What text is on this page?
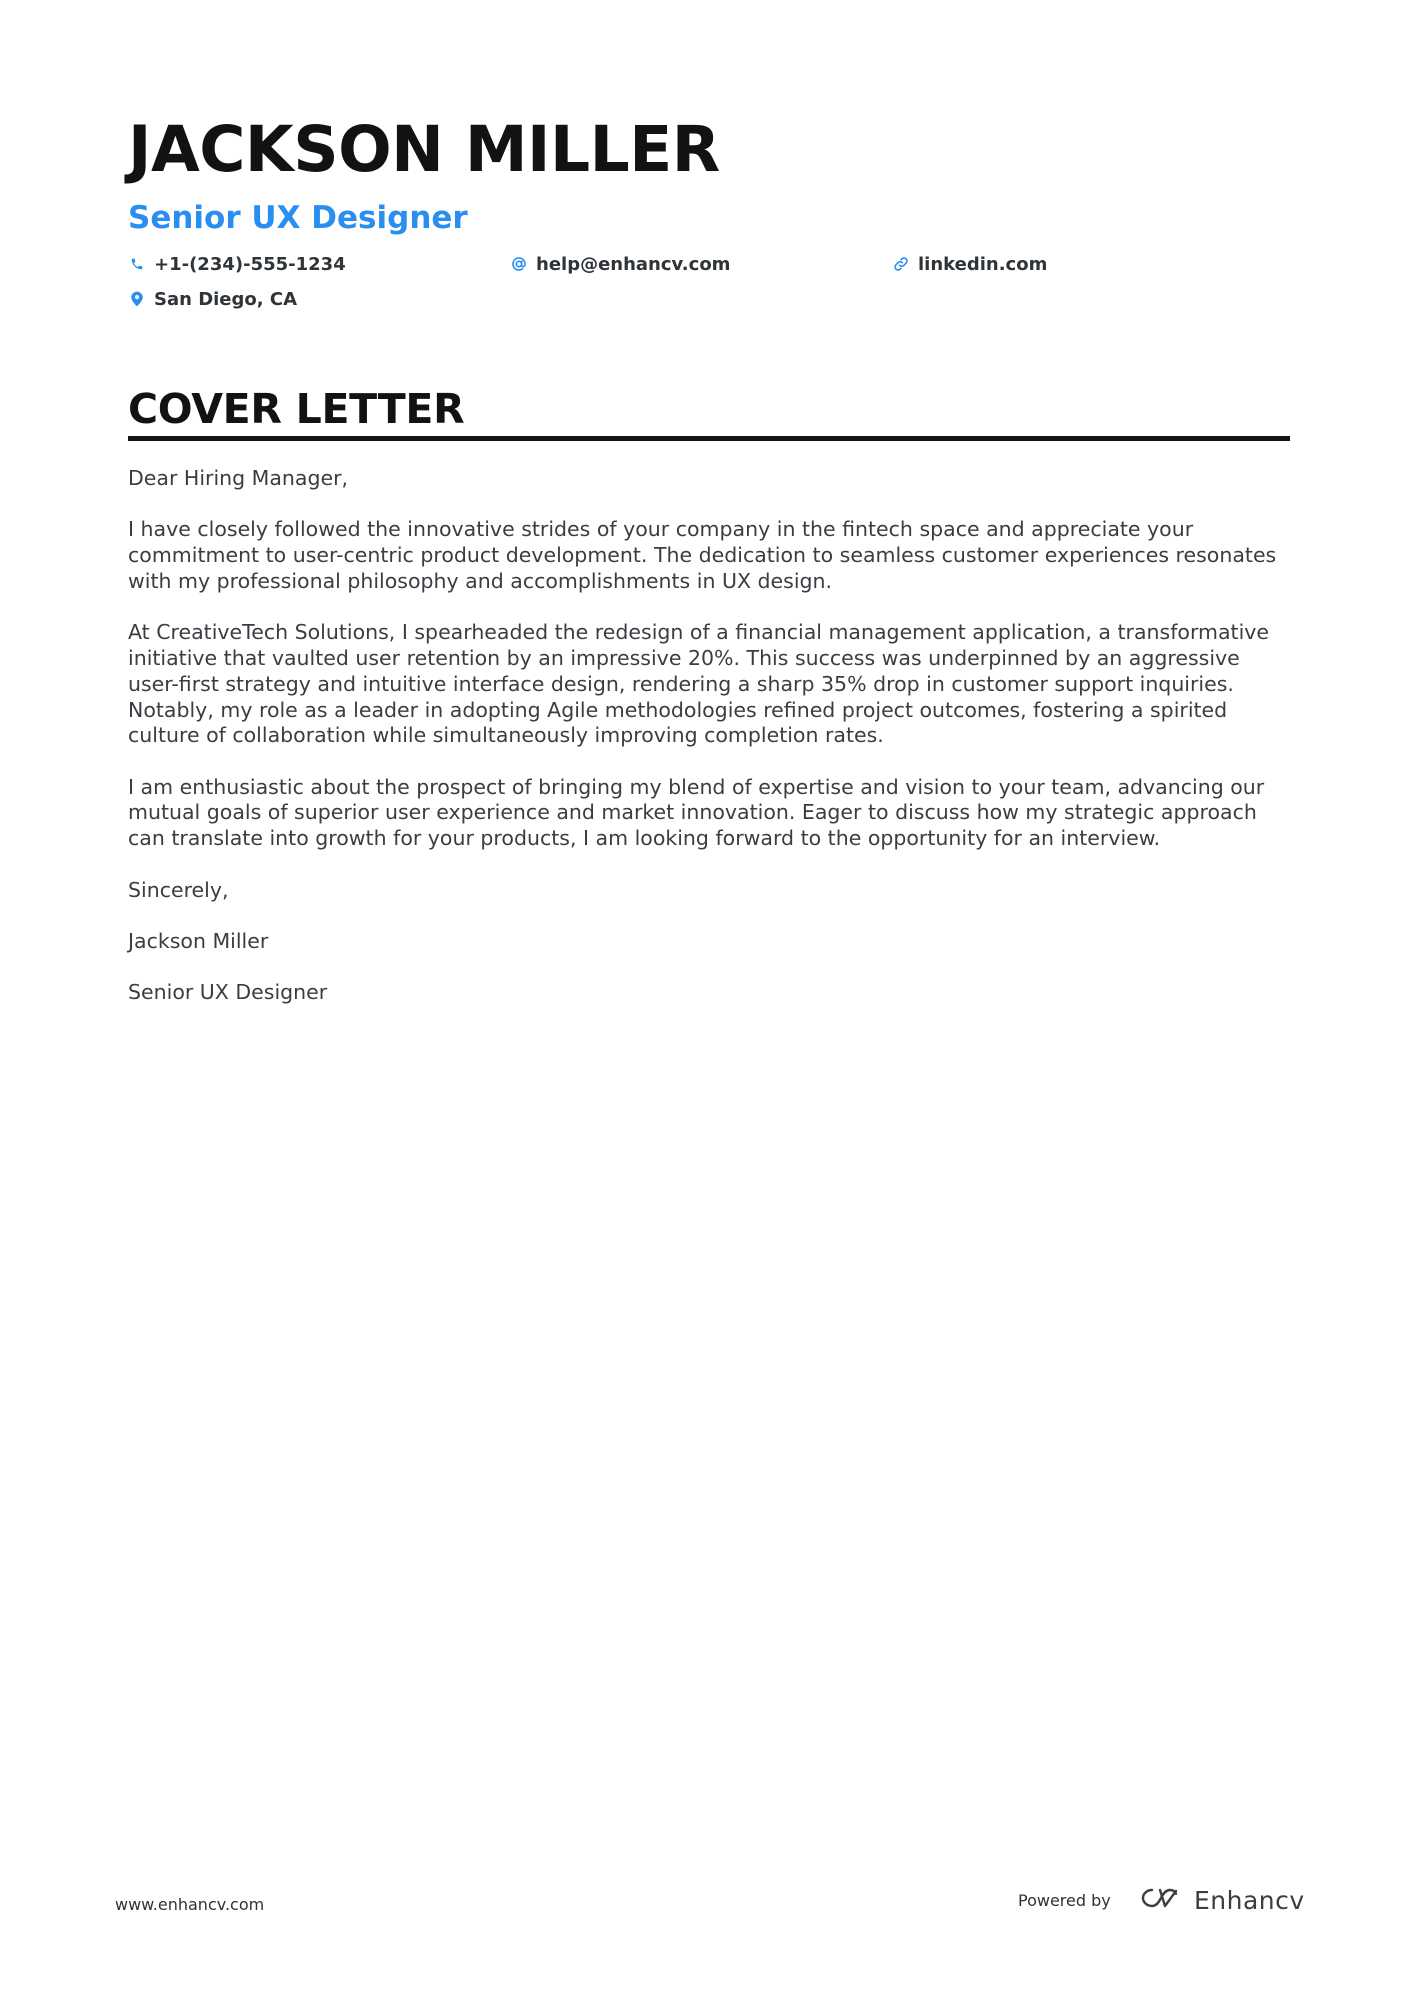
JACKSON MILLER
Senior UX Designer
+1-(234)-555-1234	help@enhancv.com	linkedin.com
San Diego, CA
COVER LETTER

Dear Hiring Manager,

I have closely followed the innovative strides of your company in the fintech space and appreciate your commitment to user-centric product development. The dedication to seamless customer experiences resonates with my professional philosophy and accomplishments in UX design.

At CreativeTech Solutions, I spearheaded the redesign of a financial management application, a transformative initiative that vaulted user retention by an impressive 20%. This success was underpinned by an aggressive user-first strategy and intuitive interface design, rendering a sharp 35% drop in customer support inquiries. Notably, my role as a leader in adopting Agile methodologies refined project outcomes, fostering a spirited culture of collaboration while simultaneously improving completion rates.

I am enthusiastic about the prospect of bringing my blend of expertise and vision to your team, advancing our mutual goals of superior user experience and market innovation. Eager to discuss how my strategic approach can translate into growth for your products, I am looking forward to the opportunity for an interview.

Sincerely,

Jackson Miller

Senior UX Designer

www.enhancv.com	Powered by	Enhancv
